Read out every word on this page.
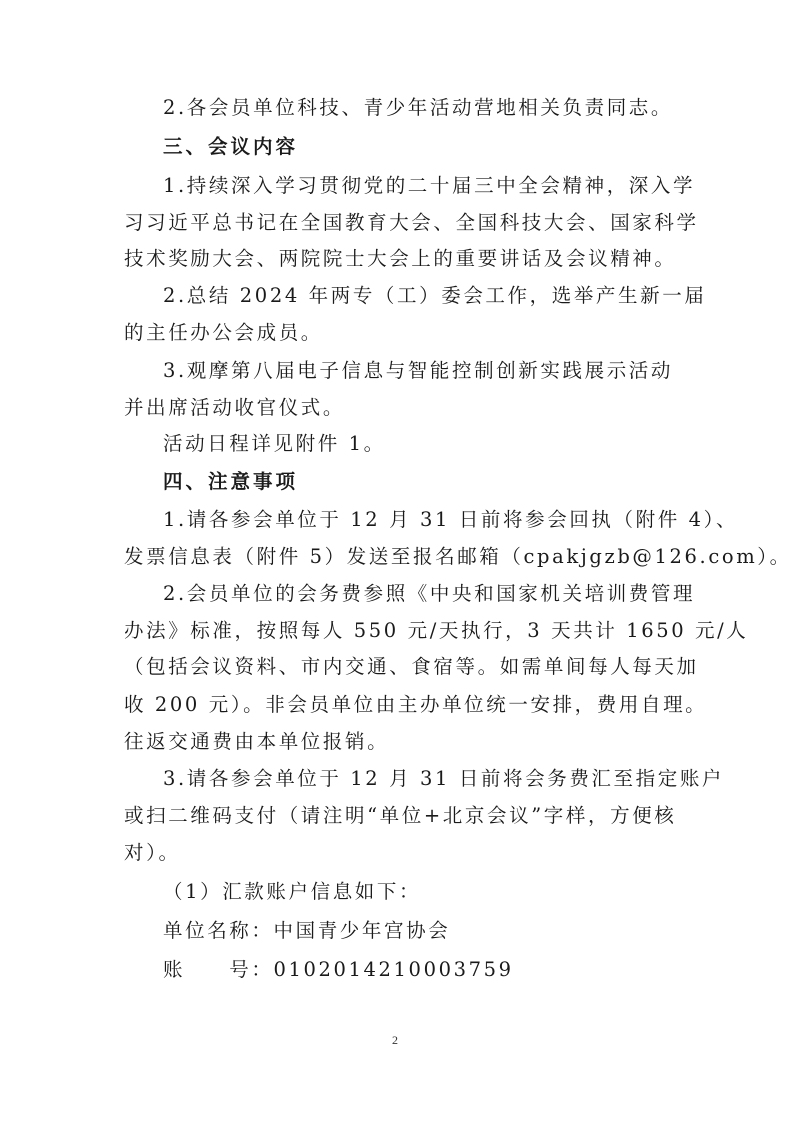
2.各会员单位科技、青少年活动营地相关负责同志。
三、会议内容
1.持续深入学习贯彻党的二十届三中全会精神，深入学
习习近平总书记在全国教育大会、全国科技大会、国家科学
技术奖励大会、两院院士大会上的重要讲话及会议精神。
2.总结 2024 年两专（工）委会工作，选举产生新一届
的主任办公会成员。
3.观摩第八届电子信息与智能控制创新实践展示活动
并出席活动收官仪式。
活动日程详见附件 1。
四、注意事项
1.请各参会单位于 12 月 31 日前将参会回执（附件 4）、
发票信息表（附件 5）发送至报名邮箱（cpakjgzb@126.com）。
2.会员单位的会务费参照《中央和国家机关培训费管理
办法》标准，按照每人 550 元/天执行，3 天共计 1650 元/人
（包括会议资料、市内交通、食宿等。如需单间每人每天加
收 200 元）。非会员单位由主办单位统一安排，费用自理。
往返交通费由本单位报销。
3.请各参会单位于 12 月 31 日前将会务费汇至指定账户
或扫二维码支付（请注明“单位+北京会议”字样，方便核
对）。
（1）汇款账户信息如下：
单位名称：中国青少年宫协会
账　　号：0102014210003759
2
